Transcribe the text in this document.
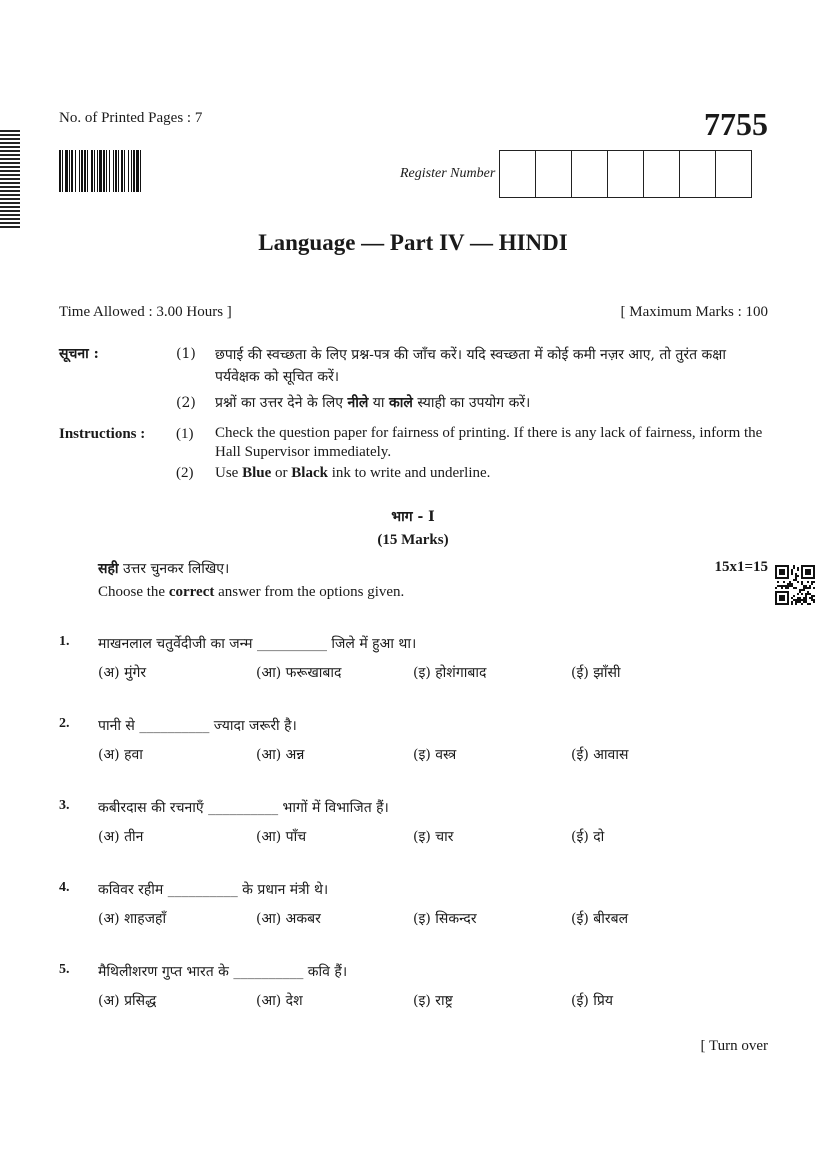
No. of Printed Pages : 7	7755
Register Number
Language — Part IV — HINDI
Time Allowed : 3.00 Hours ]	[ Maximum Marks : 100
सूचना :	(1) छपाई की स्वच्छता के लिए प्रश्न-पत्र की जाँच करें। यदि स्वच्छता में कोई कमी नज़र आए, तो तुरंत कक्षा पर्यवेक्षक को सूचित करें।
(2) प्रश्नों का उत्तर देने के लिए नीले या काले स्याही का उपयोग करें।
Instructions : (1) Check the question paper for fairness of printing. If there is any lack of fairness, inform the Hall Supervisor immediately.
(2) Use Blue or Black ink to write and underline.
भाग - I
(15 Marks)
सही उत्तर चुनकर लिखिए।	15x1=15
Choose the correct answer from the options given.
1. माखनलाल चतुर्वेदीजी का जन्म __________ जिले में हुआ था।
(अ) मुंगेर	(आ) फरूखाबाद	(इ) होशंगाबाद	(ई) झाँसी
2. पानी से __________ ज्यादा जरूरी है।
(अ) हवा	(आ) अन्न	(इ) वस्त्र	(ई) आवास
3. कबीरदास की रचनाएँ __________ भागों में विभाजित हैं।
(अ) तीन	(आ) पाँच	(इ) चार	(ई) दो
4. कविवर रहीम __________ के प्रधान मंत्री थे।
(अ) शाहजहाँ	(आ) अकबर	(इ) सिकन्दर	(ई) बीरबल
5. मैथिलीशरण गुप्त भारत के __________ कवि हैं।
(अ) प्रसिद्ध	(आ) देश	(इ) राष्ट्र	(ई) प्रिय
[ Turn over
